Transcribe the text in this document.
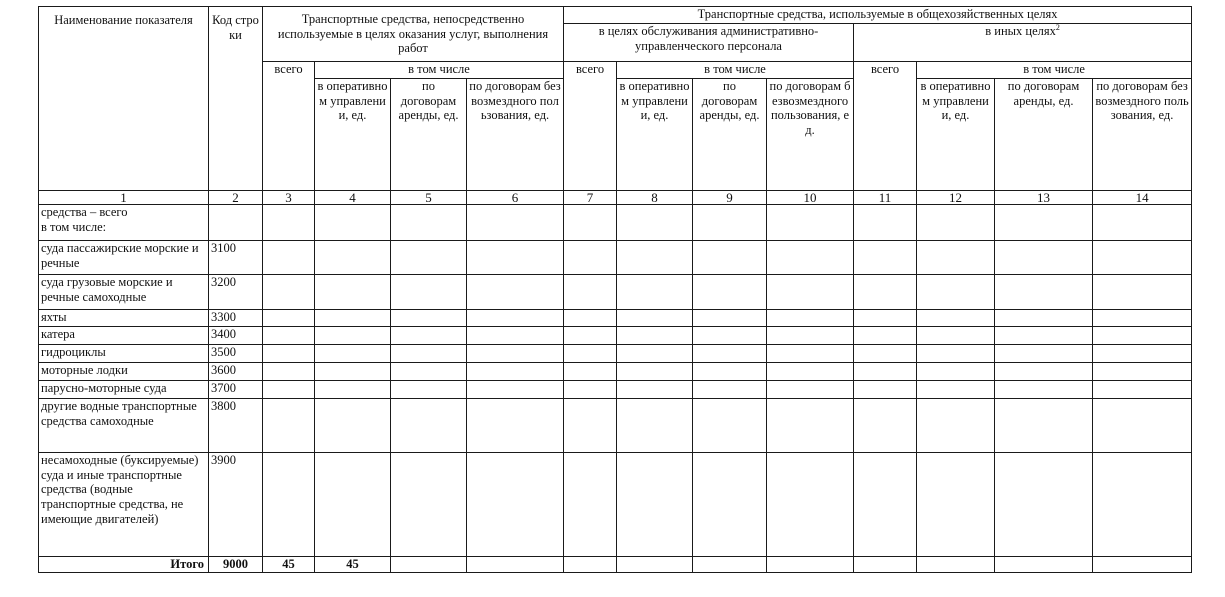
Наименование показателя	Код строки	Транспортные средства, непосредственно используемые в целях оказания услуг, выполнения работ				Транспортные средства, используемые в общехозяйственных целях							
						в целях обслуживания административно-управленческого персонала				в иных целях$^2$
		всего	в том числе			всего	в том числе			всего	в том числе		
			в оперативном управлении, ед.	по договорам аренды, ед.	по договорам безвозмездного пользования, ед.		в оперативном управлении, ед.	по договорам аренды, ед.	по договорам безвозмездного пользования, ед.		в оперативном управлении, ед.	по договорам аренды, ед.	по договорам безвозмездного пользования, ед.
1	2	3	4	5	6	7	8	9	10	11	12	13	14
средства – всего
в том числе:													
суда пассажирские морские и речные	3100												
суда грузовые морские и речные самоходные	3200												
яхты	3300												
катера	3400												
гидроциклы	3500												
моторные лодки	3600												
парусно-моторные суда	3700												
другие водные транспортные средства самоходные	3800												
несамоходные (буксируемые) суда и иные транспортные средства (водные транспортные средства, не имеющие двигателей)	3900												
Итого	9000	45	45										
